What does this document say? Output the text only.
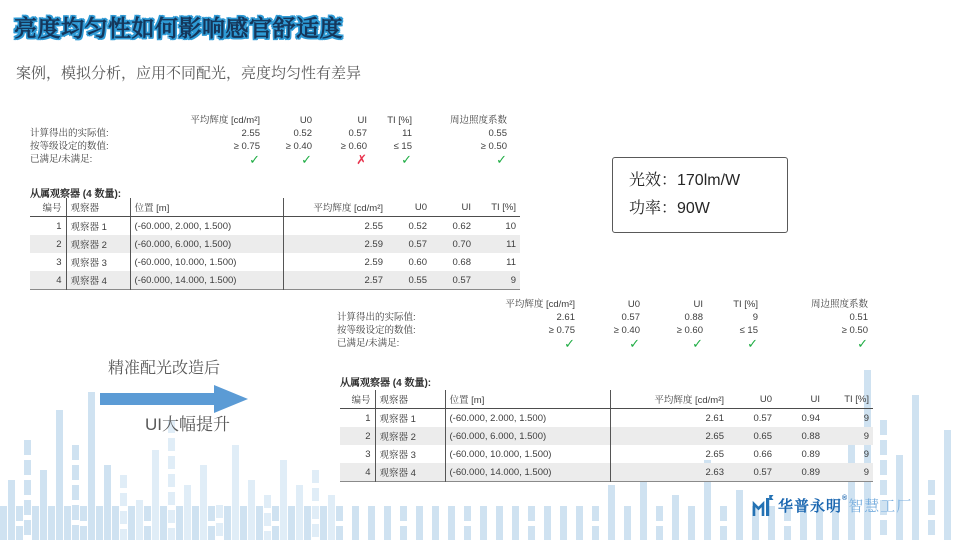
亮度均匀性如何影响感官舒适度
案例，模拟分析，应用不同配光，亮度均匀性有差异
平均辉度 [cd/m²]	U0	UI	TI [%]	周边照度系数
计算得出的实际值:	2.55	0.52	0.57	11	0.55
按等级设定的数值:	≥ 0.75	≥ 0.40	≥ 0.60	≤ 15	≥ 0.50
已满足/未满足:	✓	✓	✗	✓	✓
从属观察器 (4 数量):
编号	观察器	位置 [m]	平均辉度 [cd/m²]	U0	UI	TI [%]
1	观察器 1	(-60.000, 2.000, 1.500)	2.55	0.52	0.62	10
2	观察器 2	(-60.000, 6.000, 1.500)	2.59	0.57	0.70	11
3	观察器 3	(-60.000, 10.000, 1.500)	2.59	0.60	0.68	11
4	观察器 4	(-60.000, 14.000, 1.500)	2.57	0.55	0.57	9
光效：170lm/W
功率：90W
平均辉度 [cd/m²]	U0	UI	TI [%]	周边照度系数
计算得出的实际值:	2.61	0.57	0.88	9	0.51
按等级设定的数值:	≥ 0.75	≥ 0.40	≥ 0.60	≤ 15	≥ 0.50
已满足/未满足:	✓	✓	✓	✓	✓
从属观察器 (4 数量):
编号	观察器	位置 [m]	平均辉度 [cd/m²]	U0	UI	TI [%]
1	观察器 1	(-60.000, 2.000, 1.500)	2.61	0.57	0.94	9
2	观察器 2	(-60.000, 6.000, 1.500)	2.65	0.65	0.88	9
3	观察器 3	(-60.000, 10.000, 1.500)	2.65	0.66	0.89	9
4	观察器 4	(-60.000, 14.000, 1.500)	2.63	0.57	0.89	9
精准配光改造后
UI大幅提升
华普永明® 智慧工厂
